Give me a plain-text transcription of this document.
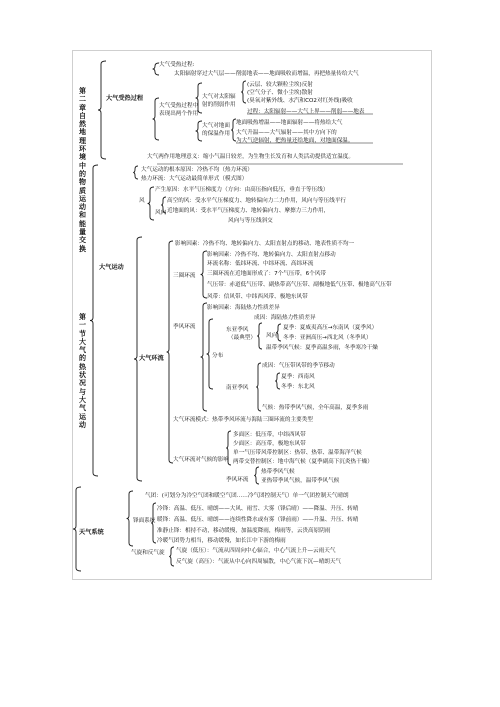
第二章自然地理环境中的物质运动和能量交换
第一节大气的热状况与大气运动
大气受热过程
大气受热过程:
太阳辐射穿过大气层——削弱地表——地面吸收而增温，再把热量传给大气
大气受热过程中
表现出两个作用
大气对太阳辐
射的削弱作用
(云层、较大颗粒尘埃)反射
(空气分子、微小尘埃)散射
(臭氧对紫外线、水汽和CO2对红外线)吸收
过程：太阳辐射——大气上界——削弱——地表
大气对地面
的保温作用
地面吸热增温——地面辐射——将热给大气
大气升温——大气辐射——其中方向下的
为大气逆辐射，把热量还给地面，对地面保温。
大气两作用地理意义：缩小气温日较差，为生物生长发育和人类活动提供适宜温度。
大气运动
大气运动的根本原因：冷热不均（热力环流）
热力环流：大气运动最简单形式（模式图）
风
产生原因：水平气压梯度力（方向：由高压指向低压，垂直于等压线）
高空的风：受水平气压梯度力、地转偏向力二力作用，风向与等压线平行
风向 近地面的风：受水平气压梯度力、地转偏向力、摩擦力三力作用，
风向与等压线斜交
大气环流
影响因素：冷热不均、地转偏向力、太阳直射点的移动、地表性质不均一
三圈环流
影响因素：冷热不均、地转偏向力、太阳直射点移动
环流名称：低纬环流、中纬环流、高纬环流
三圈环流在近地面形成了：7个气压带，6个风带
气压带：赤道低气压带、副热带高气压带、副极地低气压带、极地高气压带
风带：信风带、中纬西风带、极地东风带
季风环流
影响因素：海陆热力性质差异
成因：海陆热力性质差异
东亚季风
（最典型） 风向
夏季：夏威夷高压→东南风（夏季风）
冬季：亚洲高压→西北风（冬季风）
温带季风气候：夏季高温多雨，冬季寒冷干燥
分布
南亚季风
成因：气压带风带的季节移动
夏季：西南风
冬季：东北风
气候：热带季风气候，全年高温，夏季多雨
大气环流模式：热带季风环流与海陆三圈环流的主要类型
大气环流对气候的影响
多面区：低压带，中纬西风带
少面区：高压带，极地东风带
单一气压带风带控制区：热带、热带、温带海洋气候
两带交替控制区：地中海气候（夏季副高下沉炎热干燥）
季风环流
热带季风气候
亚热带季风气候，温带季风气候
天气系统
锋面系统
气团：(可划分为冷空气团和暖空气团……冷气团控制天气）单一气团控制天气晴朗
冷锋：高温、低压、晴朗——大风、雨雪、大雾（锋后晴）——降温、升压、转晴
暖锋：高温、低压、晴朗——连续性降水或有雾（锋前雨）——升温、升压、转晴
准静止锋：相持不动，移动缓慢，加温度降雨，梅雨等，云贵高原阴雨
冷暖气团势力相当，移动缓慢，如长江中下游的梅雨
气旋和反气旋 气旋（低压）：气流从四周向中心辐合，中心气流上升—云雨天气
反气旋（高压）：气流从中心向四周辐散，中心气流下沉—晴朗天气
